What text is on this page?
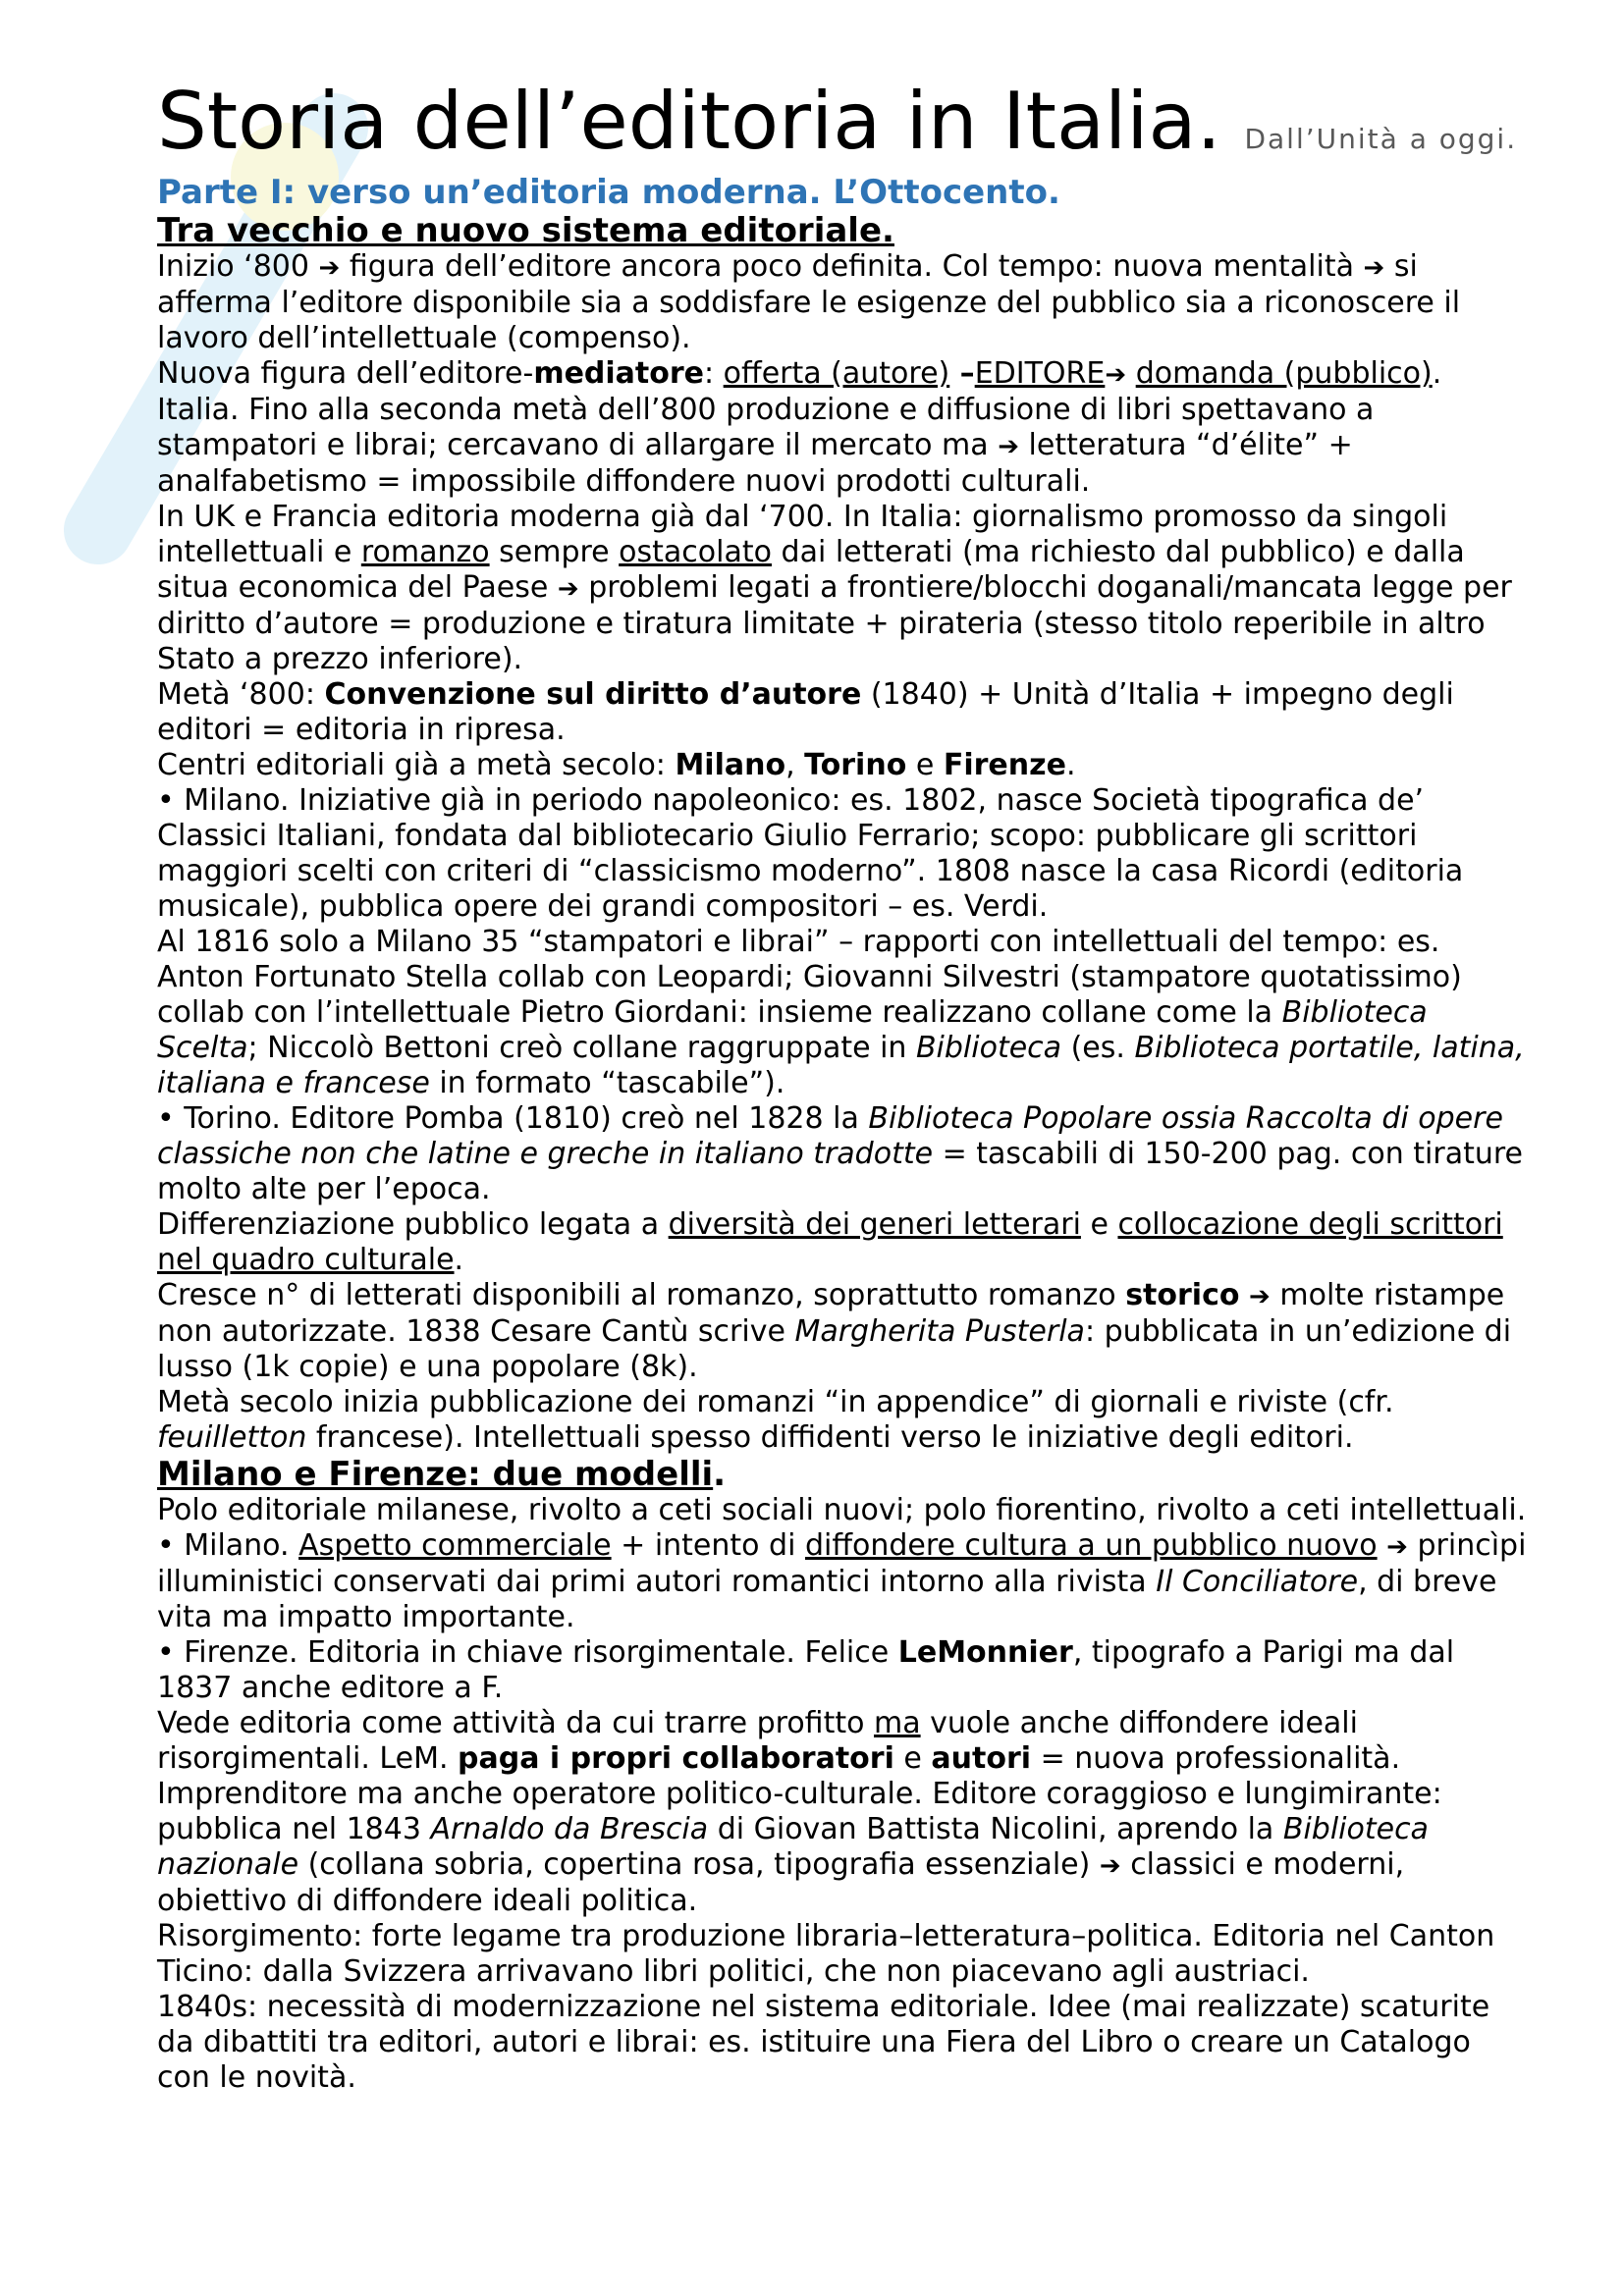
Storia dell’editoria in Italia. Dall’Unità a oggi.
Parte I: verso un’editoria moderna. L’Ottocento.
Tra vecchio e nuovo sistema editoriale.

Inizio ‘800 ➔ figura dell’editore ancora poco definita. Col tempo: nuova mentalità ➔ si afferma l’editore disponibile sia a soddisfare le esigenze del pubblico sia a riconoscere il lavoro dell’intellettuale (compenso).

Nuova figura dell’editore-mediatore: offerta (autore) –EDITORE➔ domanda (pubblico).

Italia. Fino alla seconda metà dell’800 produzione e diffusione di libri spettavano a stampatori e librai; cercavano di allargare il mercato ma ➔ letteratura “d’élite” + analfabetismo = impossibile diffondere nuovi prodotti culturali.

In UK e Francia editoria moderna già dal ‘700. In Italia: giornalismo promosso da singoli intellettuali e romanzo sempre ostacolato dai letterati (ma richiesto dal pubblico) e dalla situa economica del Paese ➔ problemi legati a frontiere/blocchi doganali/mancata legge per diritto d’autore = produzione e tiratura limitate + pirateria (stesso titolo reperibile in altro Stato a prezzo inferiore).

Metà ‘800: Convenzione sul diritto d’autore (1840) + Unità d’Italia + impegno degli editori = editoria in ripresa.

Centri editoriali già a metà secolo: Milano, Torino e Firenze.

• Milano. Iniziative già in periodo napoleonico: es. 1802, nasce Società tipografica de’ Classici Italiani, fondata dal bibliotecario Giulio Ferrario; scopo: pubblicare gli scrittori maggiori scelti con criteri di “classicismo moderno”. 1808 nasce la casa Ricordi (editoria musicale), pubblica opere dei grandi compositori – es. Verdi.

Al 1816 solo a Milano 35 “stampatori e librai” – rapporti con intellettuali del tempo: es. Anton Fortunato Stella collab con Leopardi; Giovanni Silvestri (stampatore quotatissimo) collab con l’intellettuale Pietro Giordani: insieme realizzano collane come la Biblioteca Scelta; Niccolò Bettoni creò collane raggruppate in Biblioteca (es. Biblioteca portatile, latina, italiana e francese in formato “tascabile”).

• Torino. Editore Pomba (1810) creò nel 1828 la Biblioteca Popolare ossia Raccolta di opere classiche non che latine e greche in italiano tradotte = tascabili di 150-200 pag. con tirature molto alte per l’epoca.

Differenziazione pubblico legata a diversità dei generi letterari e collocazione degli scrittori nel quadro culturale.

Cresce n° di letterati disponibili al romanzo, soprattutto romanzo storico ➔ molte ristampe non autorizzate. 1838 Cesare Cantù scrive Margherita Pusterla: pubblicata in un’edizione di lusso (1k copie) e una popolare (8k).

Metà secolo inizia pubblicazione dei romanzi “in appendice” di giornali e riviste (cfr. feuilletton francese). Intellettuali spesso diffidenti verso le iniziative degli editori.

Milano e Firenze: due modelli.

Polo editoriale milanese, rivolto a ceti sociali nuovi; polo fiorentino, rivolto a ceti intellettuali.

• Milano. Aspetto commerciale + intento di diffondere cultura a un pubblico nuovo ➔ princìpi illuministici conservati dai primi autori romantici intorno alla rivista Il Conciliatore, di breve vita ma impatto importante.

• Firenze. Editoria in chiave risorgimentale. Felice LeMonnier, tipografo a Parigi ma dal 1837 anche editore a F.

Vede editoria come attività da cui trarre profitto ma vuole anche diffondere ideali risorgimentali. LeM. paga i propri collaboratori e autori = nuova professionalità.

Imprenditore ma anche operatore politico-culturale. Editore coraggioso e lungimirante: pubblica nel 1843 Arnaldo da Brescia di Giovan Battista Nicolini, aprendo la Biblioteca nazionale (collana sobria, copertina rosa, tipografia essenziale) ➔ classici e moderni, obiettivo di diffondere ideali politica.

Risorgimento: forte legame tra produzione libraria–letteratura–politica. Editoria nel Canton Ticino: dalla Svizzera arrivavano libri politici, che non piacevano agli austriaci.

1840s: necessità di modernizzazione nel sistema editoriale. Idee (mai realizzate) scaturite da dibattiti tra editori, autori e librai: es. istituire una Fiera del Libro o creare un Catalogo con le novità.
